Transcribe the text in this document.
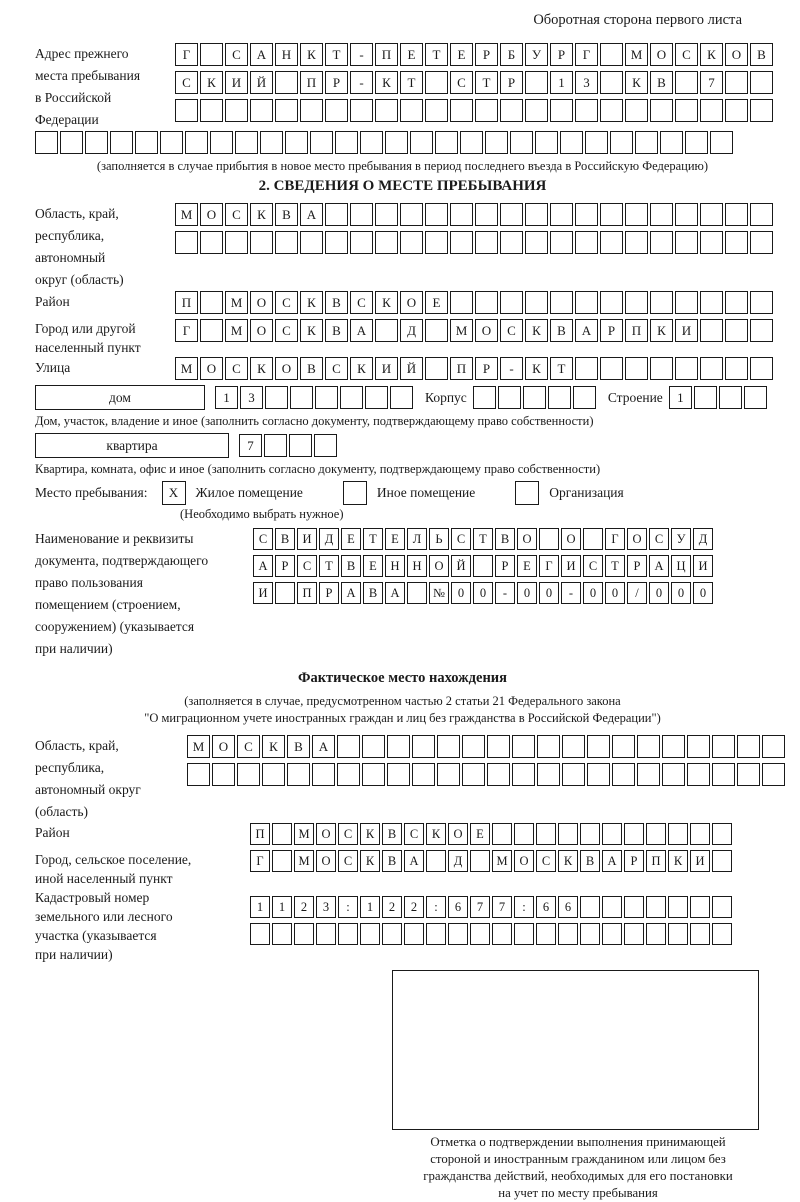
Оборотная сторона первого листа
Адрес прежнего
места пребывания
в Российской
Федерации
Г	С	А	Н	К	Т	-	П	Е	Т	Е	Р	Б	У	Р	Г	М	О	С	К	О	В
С	К	И	Й	П	Р	-	К	Т	С	Т	Р	1	3	К	В	7
(заполняется в случае прибытия в новое место пребывания в период последнего въезда в Российскую Федерацию)
2. СВЕДЕНИЯ О МЕСТЕ ПРЕБЫВАНИЯ
Область, край,
республика,
автономный
округ (область)
М	О	С	К	В	А
Район	П	М	О	С	К	В	С	К	О	Е
Город или другой
населенный пункт
Г	М	О	С	К	В	А	Д	М	О	С	К	В	А	Р	П	К	И
Улица	М	О	С	К	О	В	С	К	И	Й	П	Р	-	К	Т
дом	1	3	Корпус	Строение	1
Дом, участок, владение и иное (заполнить согласно документу, подтверждающему право собственности)
квартира	7
Квартира, комната, офис и иное (заполнить согласно документу, подтверждающему право собственности)
Место пребывания:	X	Жилое помещение	Иное помещение	Организация
(Необходимо выбрать нужное)
Наименование и реквизиты
документа, подтверждающего
право пользования
помещением (строением,
сооружением) (указывается
при наличии)
С	В	И	Д	Е	Т	Е	Л	Ь	С	Т	В	О	О	Г	О	С	У	Д
А	Р	С	Т	В	Е	Н	Н	О	Й	Р	Е	Г	И	С	Т	Р	А	Ц	И
И	П	Р	А	В	А	№	0	0	-	0	0	-	0	0	/	0	0	0
Фактическое место нахождения
(заполняется в случае, предусмотренном частью 2 статьи 21 Федерального закона
"О миграционном учете иностранных граждан и лиц без гражданства в Российской Федерации")
Область, край,
республика,
автономный округ
(область)
М	О	С	К	В	А
Район	П	М О	С	К	В	С	К	О	Е
Город, сельское поселение,
иной населенный пункт
Г	М О	С	К	В	А	Д	М О	С	К	В	А	Р	П	К	И
Кадастровый номер
земельного или лесного
участка (указывается
при наличии)
1	1	2	3	:	1	2	2	:	6	7	7	:	6	6
Отметка о подтверждении выполнения принимающей
стороной и иностранным гражданином или лицом без
гражданства действий, необходимых для его постановки
на учет по месту пребывания
